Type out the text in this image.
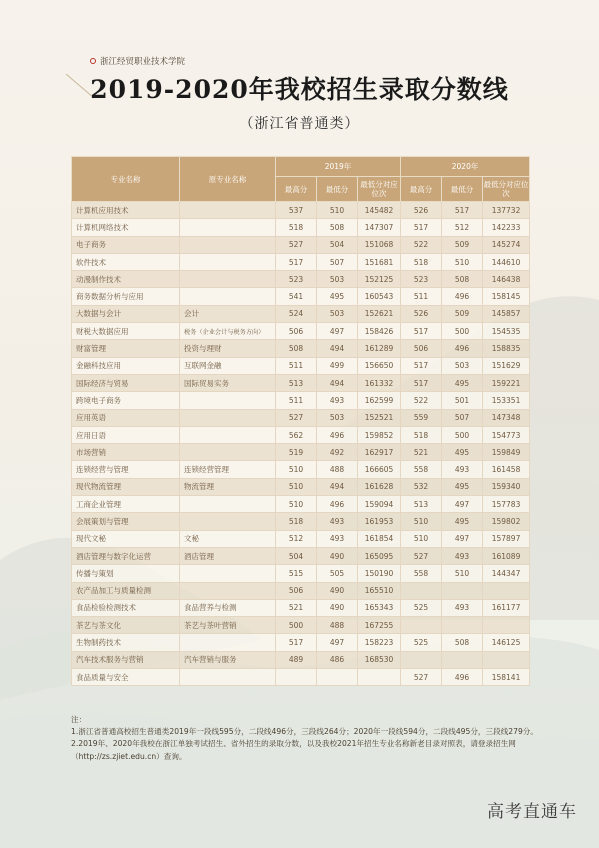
浙江经贸职业技术学院
2019-2020年我校招生录取分数线
（浙江省普通类）
专业名称	原专业名称	2019年			2020年		
		最高分	最低分	最低分对应位次	最高分	最低分	最低分对应位次
计算机应用技术		537	510	145482	526	517	137732
计算机网络技术		518	508	147307	517	512	142233
电子商务		527	504	151068	522	509	145274
软件技术		517	507	151681	518	510	144610
动漫制作技术		523	503	152125	523	508	146438
商务数据分析与应用		541	495	160543	511	496	158145
大数据与会计	会计	524	503	152621	526	509	145857
财税大数据应用	税务（企业会计与税务方向）	506	497	158426	517	500	154535
财富管理	投资与理财	508	494	161289	506	496	158835
金融科技应用	互联网金融	511	499	156650	517	503	151629
国际经济与贸易	国际贸易实务	513	494	161332	517	495	159221
跨境电子商务		511	493	162599	522	501	153351
应用英语		527	503	152521	559	507	147348
应用日语		562	496	159852	518	500	154773
市场营销		519	492	162917	521	495	159849
连锁经营与管理	连锁经营管理	510	488	166605	558	493	161458
现代物流管理	物流管理	510	494	161628	532	495	159340
工商企业管理		510	496	159094	513	497	157783
会展策划与管理		518	493	161953	510	495	159802
现代文秘	文秘	512	493	161854	510	497	157897
酒店管理与数字化运营	酒店管理	504	490	165095	527	493	161089
传播与策划		515	505	150190	558	510	144347
农产品加工与质量检测		506	490	165510			
食品检验检测技术	食品营养与检测	521	490	165343	525	493	161177
茶艺与茶文化	茶艺与茶叶营销	500	488	167255			
生物制药技术		517	497	158223	525	508	146125
汽车技术服务与营销	汽车营销与服务	489	486	168530			
食品质量与安全					527	496	158141
注：
1.浙江省普通高校招生普通类2019年一段线595分，二段线496分，三段线264分；2020年一段线594分，二段线495分，三段线279分。
2.2019年、2020年我校在浙江单独考试招生、省外招生的录取分数，以及我校2021年招生专业名称新老目录对照表，请登录招生网（http://zs.zjiet.edu.cn）查询。
高考直通车
